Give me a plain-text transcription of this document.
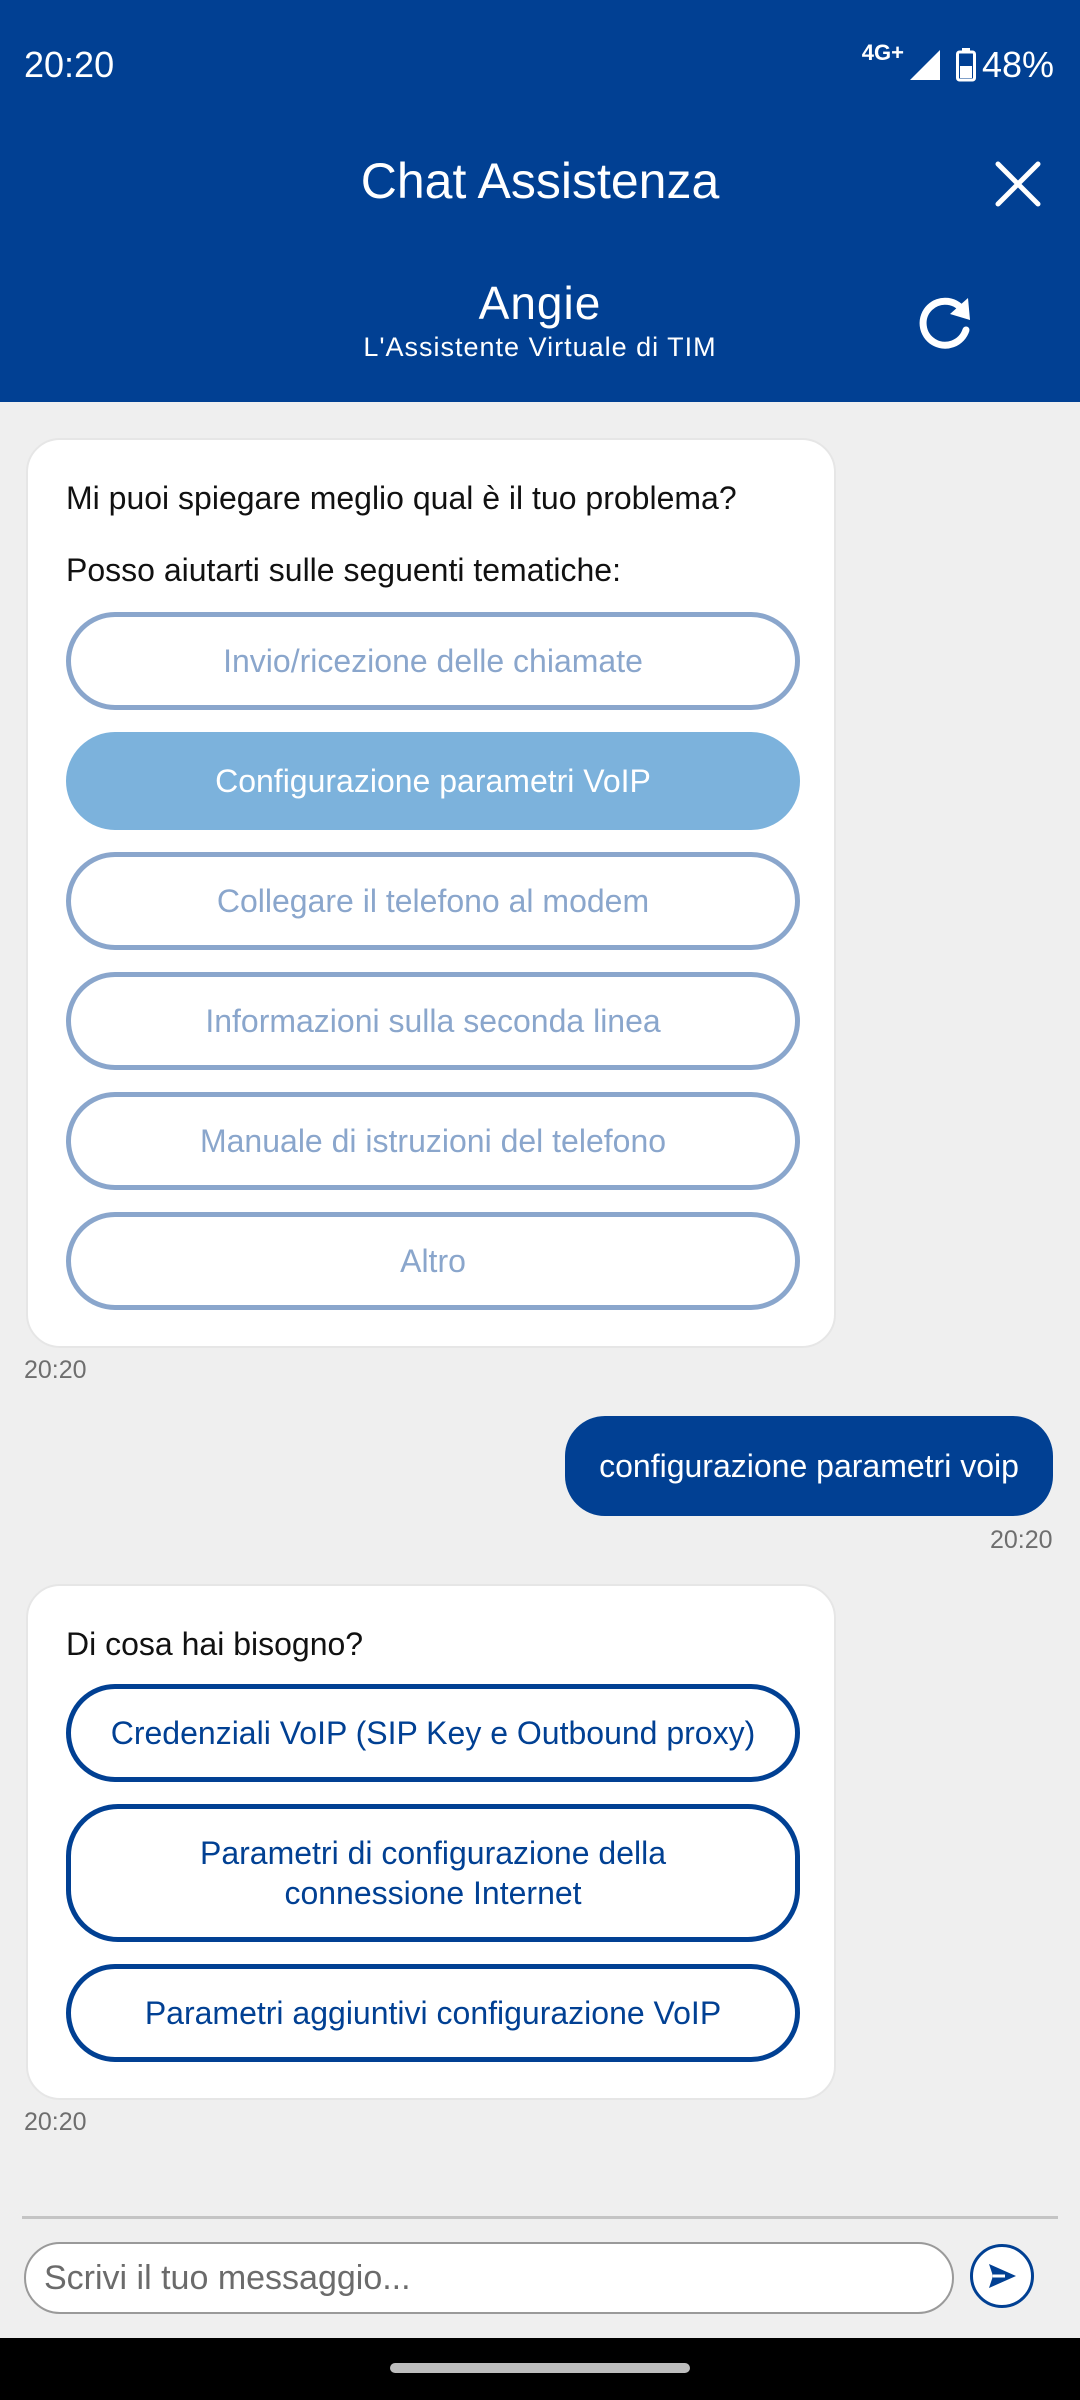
20:20	4G+ 48%
Chat Assistenza
Angie
L'Assistente Virtuale di TIM
Mi puoi spiegare meglio qual è il tuo problema?
Posso aiutarti sulle seguenti tematiche:
Invio/ricezione delle chiamate
Configurazione parametri VoIP
Collegare il telefono al modem
Informazioni sulla seconda linea
Manuale di istruzioni del telefono
Altro
20:20
configurazione parametri voip
20:20
Di cosa hai bisogno?
Credenziali VoIP (SIP Key e Outbound proxy)
Parametri di configurazione della connessione Internet
Parametri aggiuntivi configurazione VoIP
20:20
Scrivi il tuo messaggio...
